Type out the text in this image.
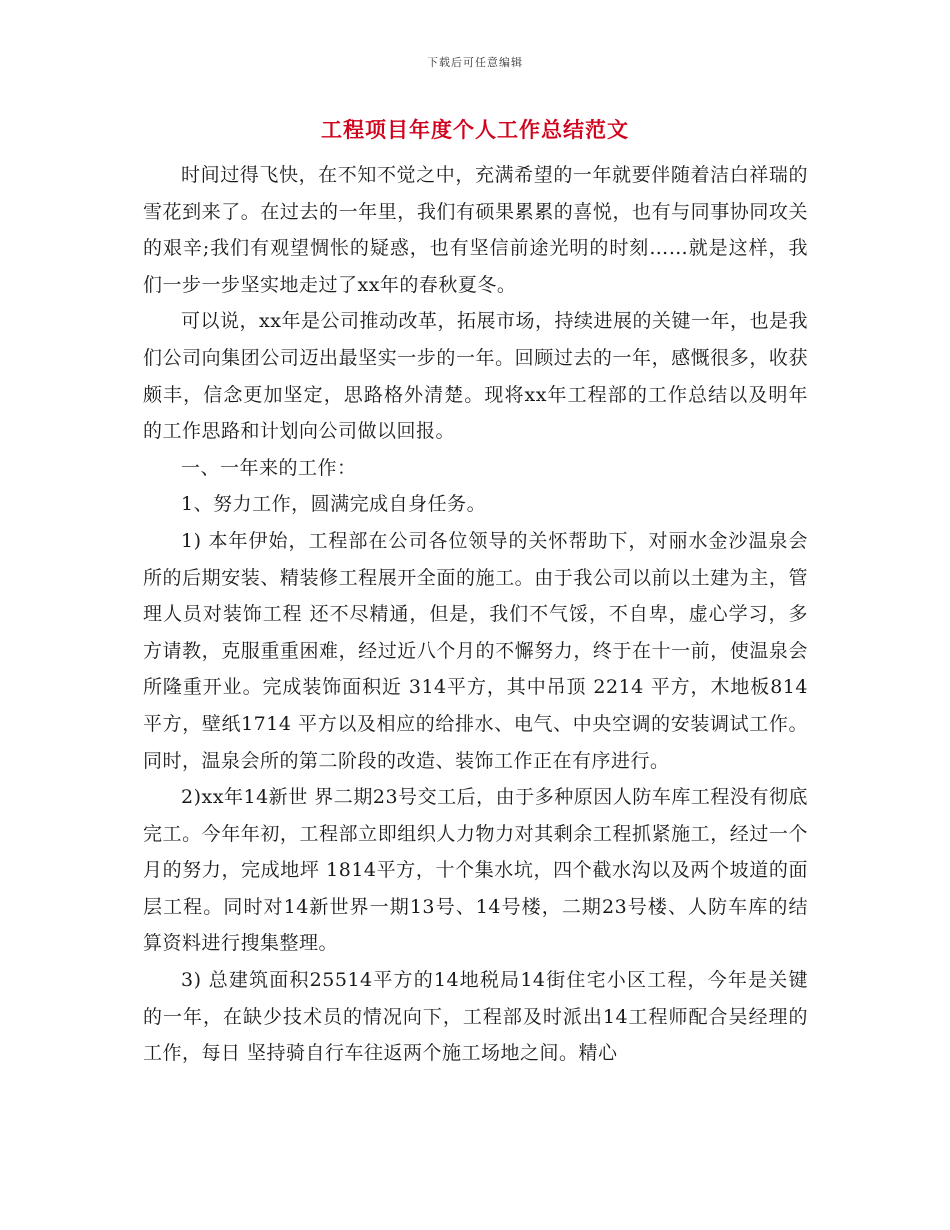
下载后可任意编辑
工程项目年度个人工作总结范文

时间过得飞快，在不知不觉之中，充满希望的一年就要伴随着洁白祥瑞的雪花到来了。在过去的一年里，我们有硕果累累的喜悦，也有与同事协同攻关的艰辛;我们有观望惆怅的疑惑，也有坚信前途光明的时刻……就是这样，我们一步一步坚实地走过了xx年的春秋夏冬。

可以说，xx年是公司推动改革，拓展市场，持续进展的关键一年，也是我们公司向集团公司迈出最坚实一步的一年。回顾过去的一年，感慨很多，收获颇丰，信念更加坚定，思路格外清楚。现将xx年工程部的工作总结以及明年的工作思路和计划向公司做以回报。

一、一年来的工作：

1、努力工作，圆满完成自身任务。

1) 本年伊始，工程部在公司各位领导的关怀帮助下，对丽水金沙温泉会所的后期安装、精装修工程展开全面的施工。由于我公司以前以土建为主，管理人员对装饰工程 还不尽精通，但是，我们不气馁，不自卑，虚心学习，多方请教，克服重重困难，经过近八个月的不懈努力，终于在十一前，使温泉会所隆重开业。完成装饰面积近 314平方，其中吊顶 2214 平方，木地板814 平方，壁纸1714 平方以及相应的给排水、电气、中央空调的安装调试工作。同时，温泉会所的第二阶段的改造、装饰工作正在有序进行。

2)xx年14新世 界二期23号交工后，由于多种原因人防车库工程没有彻底完工。今年年初，工程部立即组织人力物力对其剩余工程抓紧施工，经过一个月的努力，完成地坪 1814平方，十个集水坑，四个截水沟以及两个坡道的面层工程。同时对14新世界一期13号、14号楼，二期23号楼、人防车库的结算资料进行搜集整理。

3) 总建筑面积25514平方的14地税局14街住宅小区工程，今年是关键的一年，在缺少技术员的情况向下，工程部及时派出14工程师配合吴经理的工作，每日 坚持骑自行车往返两个施工场地之间。精心
